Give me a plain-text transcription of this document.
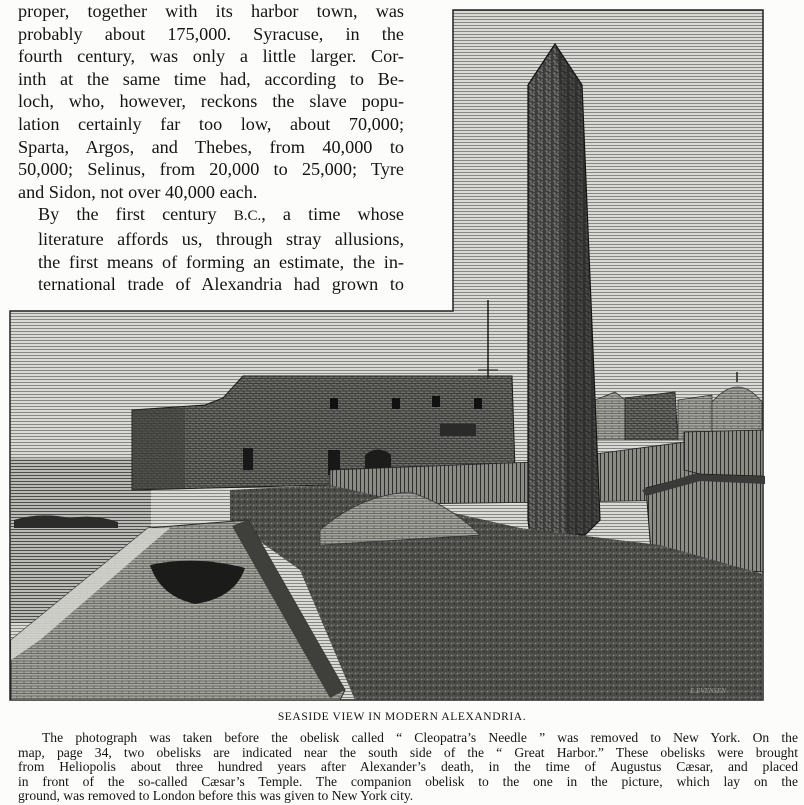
E.EVENSEN

proper, together with its harbor town, was
probably about 175,000. Syracuse, in the
fourth century, was only a little larger. Cor-
inth at the same time had, according to Be-
loch, who, however, reckons the slave popu-
lation certainly far too low, about 70,000;
Sparta, Argos, and Thebes, from 40,000 to
50,000; Selinus, from 20,000 to 25,000; Tyre
and Sidon, not over 40,000 each.

By the first century B.C., a time whose
literature affords us, through stray allusions,
the first means of forming an estimate, the in-
ternational trade of Alexandria had grown to

SEASIDE VIEW IN MODERN ALEXANDRIA.
The photograph was taken before the obelisk called “ Cleopatra’s Needle ” was removed to New York. On the
map, page 34, two obelisks are indicated near the south side of the “ Great Harbor.” These obelisks were brought
from Heliopolis about three hundred years after Alexander’s death, in the time of Augustus Cæsar, and placed
in front of the so-called Cæsar’s Temple. The companion obelisk to the one in the picture, which lay on the
ground, was removed to London before this was given to New York city.
